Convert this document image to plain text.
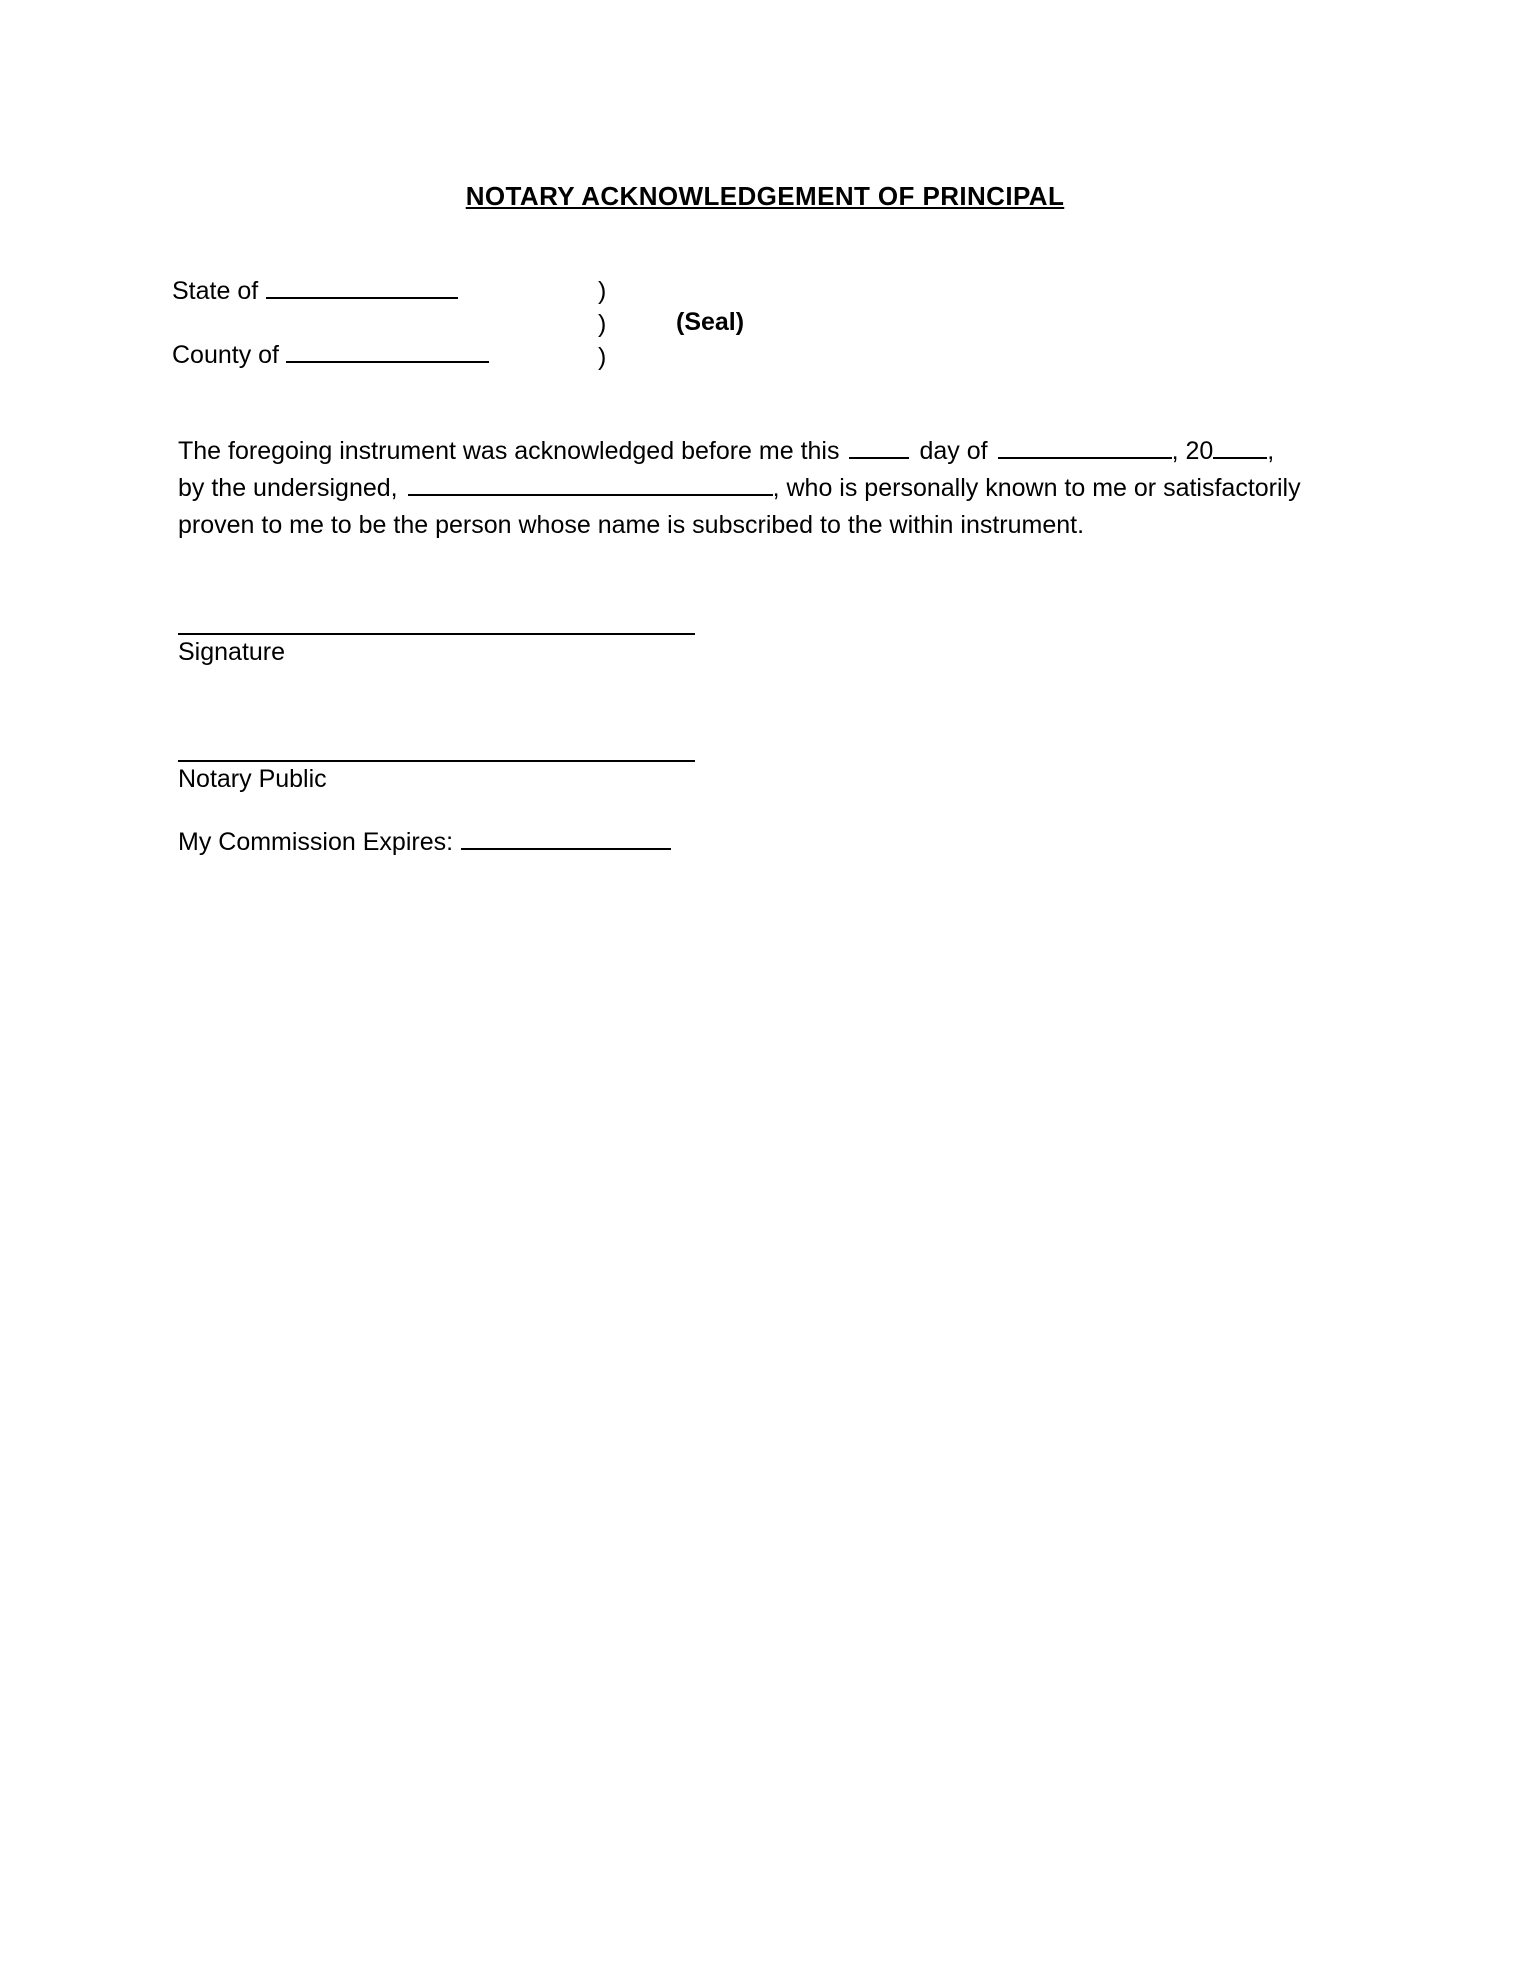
NOTARY ACKNOWLEDGEMENT OF PRINCIPAL
State of
County of
)
)
)
(Seal)
The foregoing instrument was acknowledged before me this	day of	, 20 ,
by the undersigned,	, who is personally known to me or satisfactorily
proven to me to be the person whose name is subscribed to the within instrument.
Signature
Notary Public
My Commission Expires:
